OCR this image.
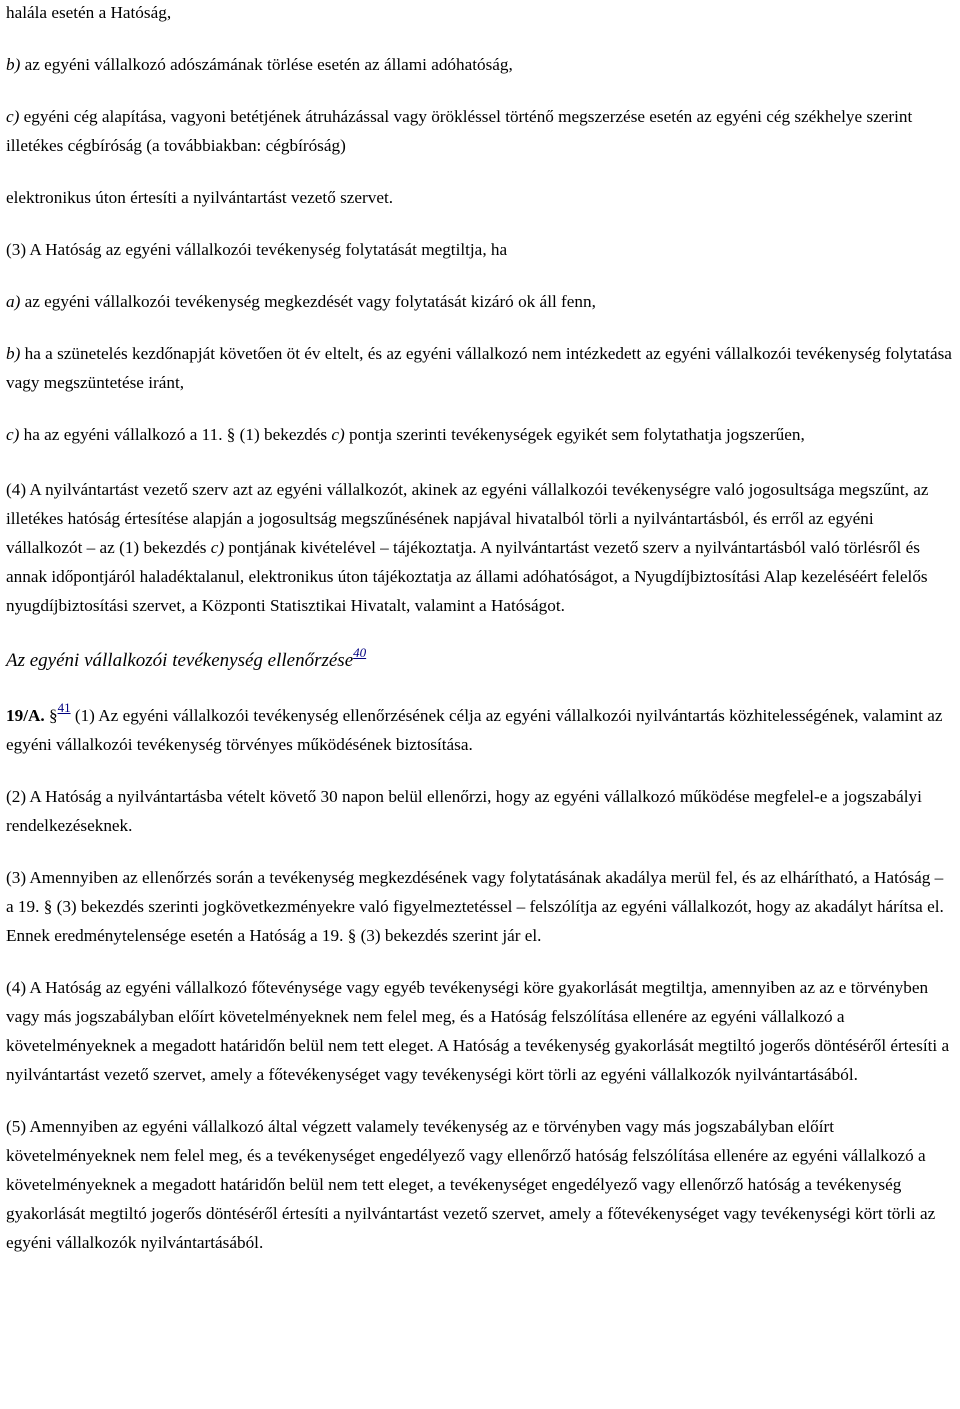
halála esetén a Hatóság,

b) az egyéni vállalkozó adószámának törlése esetén az állami adóhatóság,

c) egyéni cég alapítása, vagyoni betétjének átruházással vagy örökléssel történő megszerzése esetén az egyéni cég székhelye szerint illetékes cégbíróság (a továbbiakban: cégbíróság)

elektronikus úton értesíti a nyilvántartást vezető szervet.

(3) A Hatóság az egyéni vállalkozói tevékenység folytatását megtiltja, ha

a) az egyéni vállalkozói tevékenység megkezdését vagy folytatását kizáró ok áll fenn,

b) ha a szünetelés kezdőnapját követően öt év eltelt, és az egyéni vállalkozó nem intézkedett az egyéni vállalkozói tevékenység folytatása vagy megszüntetése iránt,

c) ha az egyéni vállalkozó a 11. § (1) bekezdés c) pontja szerinti tevékenységek egyikét sem folytathatja jogszerűen,

(4) A nyilvántartást vezető szerv azt az egyéni vállalkozót, akinek az egyéni vállalkozói tevékenységre való jogosultsága megszűnt, az illetékes hatóság értesítése alapján a jogosultság megszűnésének napjával hivatalból törli a nyilvántartásból, és erről az egyéni vállalkozót – az (1) bekezdés c) pontjának kivételével – tájékoztatja. A nyilvántartást vezető szerv a nyilvántartásból való törlésről és annak időpontjáról haladéktalanul, elektronikus úton tájékoztatja az állami adóhatóságot, a Nyugdíjbiztosítási Alap kezeléséért felelős nyugdíjbiztosítási szervet, a Központi Statisztikai Hivatalt, valamint a Hatóságot.

Az egyéni vállalkozói tevékenység ellenőrzése$^{40}$

19/A. §$^{41}$ (1) Az egyéni vállalkozói tevékenység ellenőrzésének célja az egyéni vállalkozói nyilvántartás közhitelességének, valamint az egyéni vállalkozói tevékenység törvényes működésének biztosítása.

(2) A Hatóság a nyilvántartásba vételt követő 30 napon belül ellenőrzi, hogy az egyéni vállalkozó működése megfelel-e a jogszabályi rendelkezéseknek.

(3) Amennyiben az ellenőrzés során a tevékenység megkezdésének vagy folytatásának akadálya merül fel, és az elhárítható, a Hatóság – a 19. § (3) bekezdés szerinti jogkövetkezményekre való figyelmeztetéssel – felszólítja az egyéni vállalkozót, hogy az akadályt hárítsa el. Ennek eredménytelensége esetén a Hatóság a 19. § (3) bekezdés szerint jár el.

(4) A Hatóság az egyéni vállalkozó főtevénysége vagy egyéb tevékenységi köre gyakorlását megtiltja, amennyiben az az e törvényben vagy más jogszabályban előírt követelményeknek nem felel meg, és a Hatóság felszólítása ellenére az egyéni vállalkozó a követelményeknek a megadott határidőn belül nem tett eleget. A Hatóság a tevékenység gyakorlását megtiltó jogerős döntéséről értesíti a nyilvántartást vezető szervet, amely a főtevékenységet vagy tevékenységi kört törli az egyéni vállalkozók nyilvántartásából.

(5) Amennyiben az egyéni vállalkozó által végzett valamely tevékenység az e törvényben vagy más jogszabályban előírt követelményeknek nem felel meg, és a tevékenységet engedélyező vagy ellenőrző hatóság felszólítása ellenére az egyéni vállalkozó a követelményeknek a megadott határidőn belül nem tett eleget, a tevékenységet engedélyező vagy ellenőrző hatóság a tevékenység gyakorlását megtiltó jogerős döntéséről értesíti a nyilvántartást vezető szervet, amely a főtevékenységet vagy tevékenységi kört törli az egyéni vállalkozók nyilvántartásából.
